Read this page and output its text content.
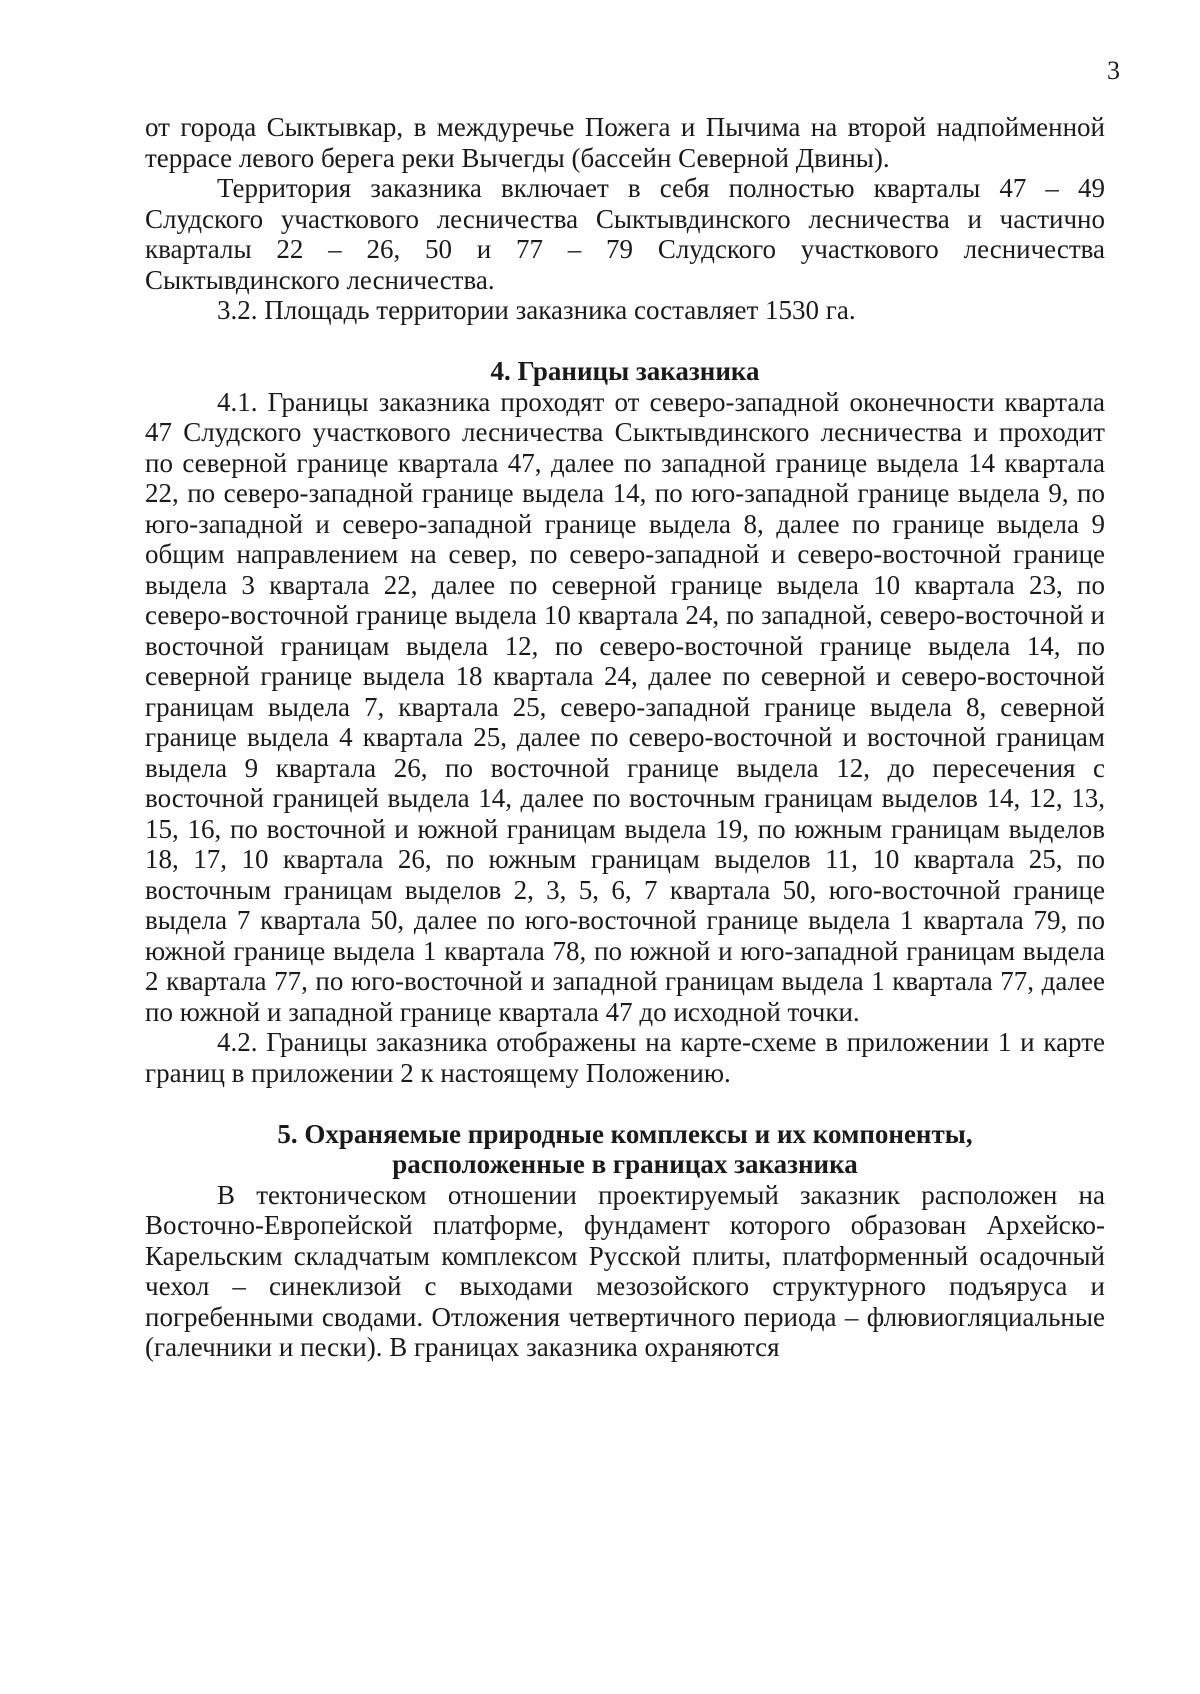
3

от города Сыктывкар, в междуречье Пожега и Пычима на второй надпойменной террасе левого берега реки Вычегды (бассейн Северной Двины).

Территория заказника включает в себя полностью кварталы 47 – 49 Слудского участкового лесничества Сыктывдинского лесничества и частично кварталы 22 – 26, 50 и 77 – 79 Слудского участкового лесничества Сыктывдинского лесничества.

3.2. Площадь территории заказника составляет 1530 га.

4. Границы заказника

4.1. Границы заказника проходят от северо-западной оконечности квартала 47 Слудского участкового лесничества Сыктывдинского лесничества и проходит по северной границе квартала 47, далее по западной границе выдела 14 квартала 22, по северо-западной границе выдела 14, по юго-западной границе выдела 9, по юго-западной и северо-западной границе выдела 8, далее по границе выдела 9 общим направлением на север, по северо-западной и северо-восточной границе выдела 3 квартала 22, далее по северной границе выдела 10 квартала 23, по северо-восточной границе выдела 10 квартала 24, по западной, северо-восточной и восточной границам выдела 12, по северо-восточной границе выдела 14, по северной границе выдела 18 квартала 24, далее по северной и северо-восточной границам выдела 7, квартала 25, северо-западной границе выдела 8, северной границе выдела 4 квартала 25, далее по северо-восточной и восточной границам выдела 9 квартала 26, по восточной границе выдела 12, до пересечения с восточной границей выдела 14, далее по восточным границам выделов 14, 12, 13, 15, 16, по восточной и южной границам выдела 19, по южным границам выделов 18, 17, 10 квартала 26, по южным границам выделов 11, 10 квартала 25, по восточным границам выделов 2, 3, 5, 6, 7 квартала 50, юго-восточной границе выдела 7 квартала 50, далее по юго-восточной границе выдела 1 квартала 79, по южной границе выдела 1 квартала 78, по южной и юго-западной границам выдела 2 квартала 77, по юго-восточной и западной границам выдела 1 квартала 77, далее по южной и западной границе квартала 47 до исходной точки.

4.2. Границы заказника отображены на карте-схеме в приложении 1 и карте границ в приложении 2 к настоящему Положению.

5. Охраняемые природные комплексы и их компоненты,
расположенные в границах заказника

В тектоническом отношении проектируемый заказник расположен на Восточно-Европейской платформе, фундамент которого образован Архейско-Карельским складчатым комплексом Русской плиты, платформенный осадочный чехол – синеклизой с выходами мезозойского структурного подъяруса и погребенными сводами. Отложения четвертичного периода – флювиогляциальные (галечники и пески). В границах заказника охраняются
